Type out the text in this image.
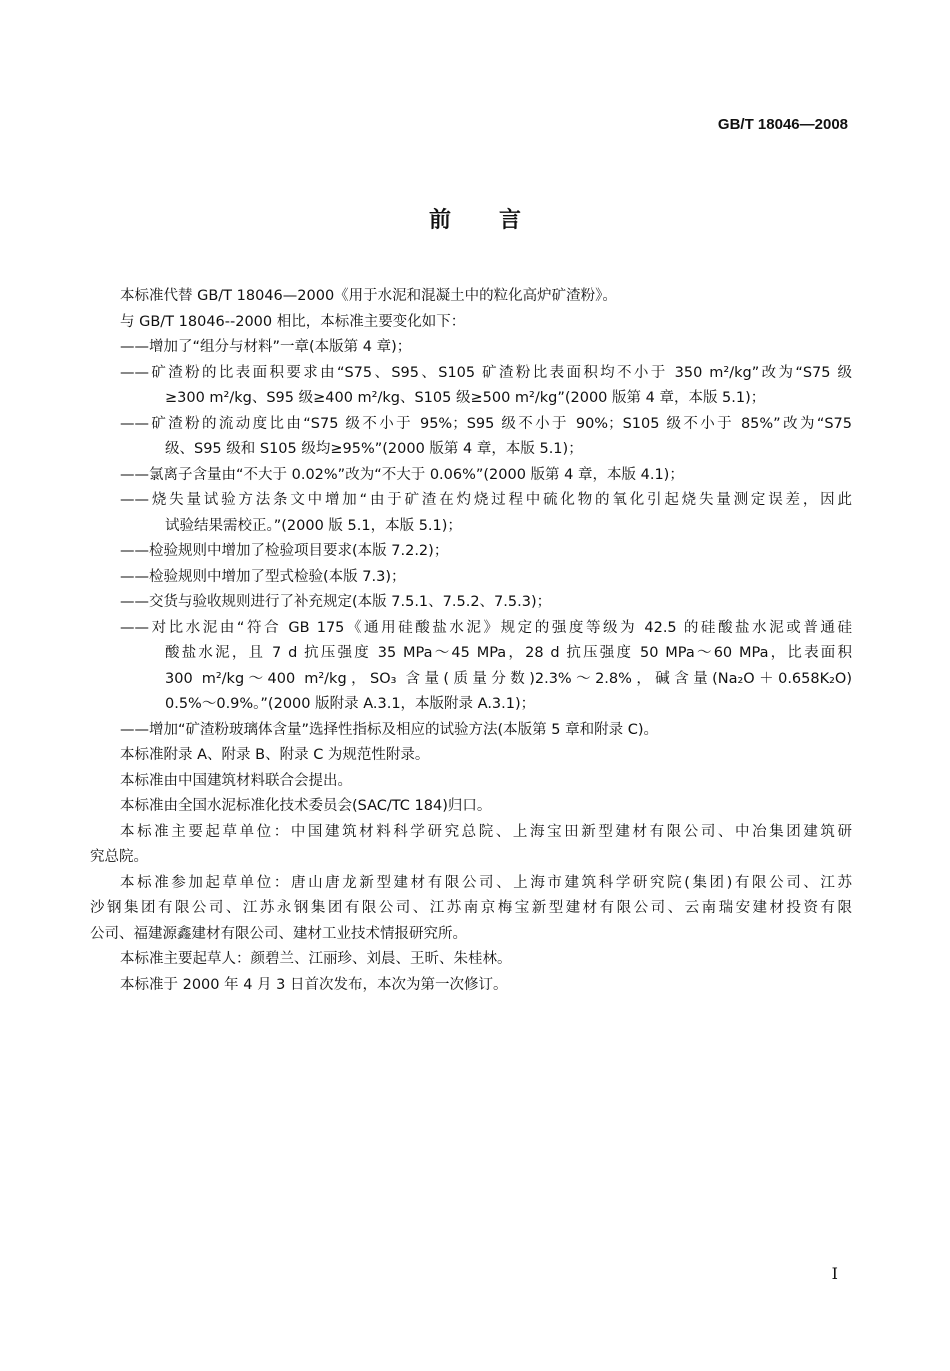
GB/T 18046—2008
前言
本标准代替 GB/T 18046—2000《用于水泥和混凝土中的粒化高炉矿渣粉》。
与 GB/T 18046--2000 相比，本标准主要变化如下：
——增加了“组分与材料”一章(本版第 4 章)；
——矿渣粉的比表面积要求由“S75、S95、S105 矿渣粉比表面积均不小于 350 m²/kg”改为“S75 级
≥300 m²/kg、S95 级≥400 m²/kg、S105 级≥500 m²/kg”(2000 版第 4 章，本版 5.1)；
——矿渣粉的流动度比由“S75 级不小于 95%；S95 级不小于 90%；S105 级不小于 85%”改为“S75
级、S95 级和 S105 级均≥95%”(2000 版第 4 章，本版 5.1)；
——氯离子含量由“不大于 0.02%”改为“不大于 0.06%”(2000 版第 4 章，本版 4.1)；
——烧失量试验方法条文中增加“由于矿渣在灼烧过程中硫化物的氧化引起烧失量测定误差，因此
试验结果需校正。”(2000 版 5.1，本版 5.1)；
——检验规则中增加了检验项目要求(本版 7.2.2)；
——检验规则中增加了型式检验(本版 7.3)；
——交货与验收规则进行了补充规定(本版 7.5.1、7.5.2、7.5.3)；
——对比水泥由“符合 GB 175《通用硅酸盐水泥》规定的强度等级为 42.5 的硅酸盐水泥或普通硅
酸盐水泥，且 7 d 抗压强度 35 MPa～45 MPa，28 d 抗压强度 50 MPa～60 MPa，比表面积
300 m²/kg～400 m²/kg，SO₃ 含量(质量分数)2.3%～2.8%，碱含量(Na₂O＋0.658K₂O)
0.5%～0.9%。”(2000 版附录 A.3.1，本版附录 A.3.1)；
——增加“矿渣粉玻璃体含量”选择性指标及相应的试验方法(本版第 5 章和附录 C)。
本标准附录 A、附录 B、附录 C 为规范性附录。
本标准由中国建筑材料联合会提出。
本标准由全国水泥标准化技术委员会(SAC/TC 184)归口。
本标准主要起草单位：中国建筑材料科学研究总院、上海宝田新型建材有限公司、中冶集团建筑研
究总院。
本标准参加起草单位：唐山唐龙新型建材有限公司、上海市建筑科学研究院(集团)有限公司、江苏
沙钢集团有限公司、江苏永钢集团有限公司、江苏南京梅宝新型建材有限公司、云南瑞安建材投资有限
公司、福建源鑫建材有限公司、建材工业技术情报研究所。
本标准主要起草人：颜碧兰、江丽珍、刘晨、王昕、朱桂林。
本标准于 2000 年 4 月 3 日首次发布，本次为第一次修订。
I
